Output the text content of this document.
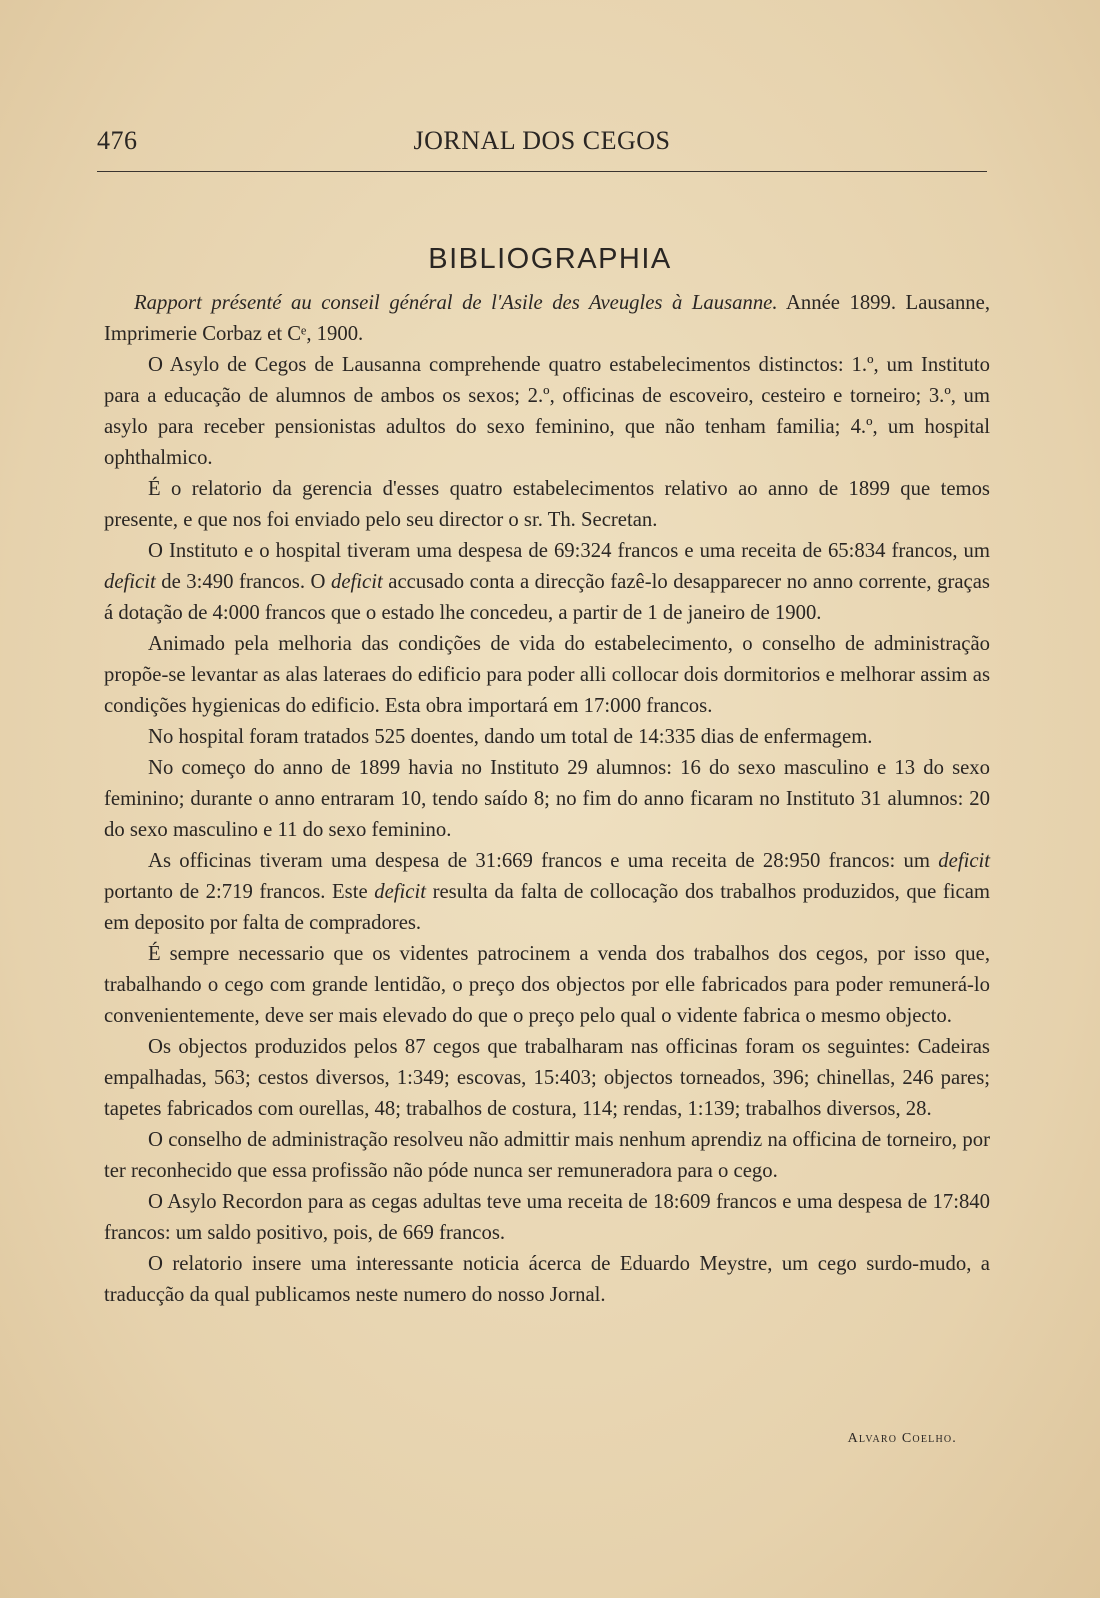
476	JORNAL DOS CEGOS
BIBLIOGRAPHIA

Rapport présenté au conseil général de l'Asile des Aveugles à Lausanne. Année 1899. Lausanne, Imprimerie Corbaz et Cᵉ, 1900.

O Asylo de Cegos de Lausanna comprehende quatro estabelecimentos distinctos: 1.º, um Instituto para a educação de alumnos de ambos os sexos; 2.º, officinas de escoveiro, cesteiro e torneiro; 3.º, um asylo para receber pensionistas adultos do sexo feminino, que não tenham familia; 4.º, um hospital ophthalmico.

É o relatorio da gerencia d'esses quatro estabelecimentos relativo ao anno de 1899 que temos presente, e que nos foi enviado pelo seu director o sr. Th. Secretan.

O Instituto e o hospital tiveram uma despesa de 69:324 francos e uma receita de 65:834 francos, um deficit de 3:490 francos. O deficit accusado conta a direcção fazê-lo desapparecer no anno corrente, graças á dotação de 4:000 francos que o estado lhe concedeu, a partir de 1 de janeiro de 1900.

Animado pela melhoria das condições de vida do estabelecimento, o conselho de administração propõe-se levantar as alas lateraes do edificio para poder alli collocar dois dormitorios e melhorar assim as condições hygienicas do edificio. Esta obra importará em 17:000 francos.

No hospital foram tratados 525 doentes, dando um total de 14:335 dias de enfermagem.

No começo do anno de 1899 havia no Instituto 29 alumnos: 16 do sexo masculino e 13 do sexo feminino; durante o anno entraram 10, tendo saído 8; no fim do anno ficaram no Instituto 31 alumnos: 20 do sexo masculino e 11 do sexo feminino.

As officinas tiveram uma despesa de 31:669 francos e uma receita de 28:950 francos: um deficit portanto de 2:719 francos. Este deficit resulta da falta de collocação dos trabalhos produzidos, que ficam em deposito por falta de compradores.

É sempre necessario que os videntes patrocinem a venda dos trabalhos dos cegos, por isso que, trabalhando o cego com grande lentidão, o preço dos objectos por elle fabricados para poder remunerá-lo convenientemente, deve ser mais elevado do que o preço pelo qual o vidente fabrica o mesmo objecto.

Os objectos produzidos pelos 87 cegos que trabalharam nas officinas foram os seguintes: Cadeiras empalhadas, 563; cestos diversos, 1:349; escovas, 15:403; objectos torneados, 396; chinellas, 246 pares; tapetes fabricados com ourellas, 48; trabalhos de costura, 114; rendas, 1:139; trabalhos diversos, 28.

O conselho de administração resolveu não admittir mais nenhum aprendiz na officina de torneiro, por ter reconhecido que essa profissão não póde nunca ser remuneradora para o cego.

O Asylo Recordon para as cegas adultas teve uma receita de 18:609 francos e uma despesa de 17:840 francos: um saldo positivo, pois, de 669 francos.

O relatorio insere uma interessante noticia ácerca de Eduardo Meystre, um cego surdo-mudo, a traducção da qual publicamos neste numero do nosso Jornal.

Alvaro Coelho.
